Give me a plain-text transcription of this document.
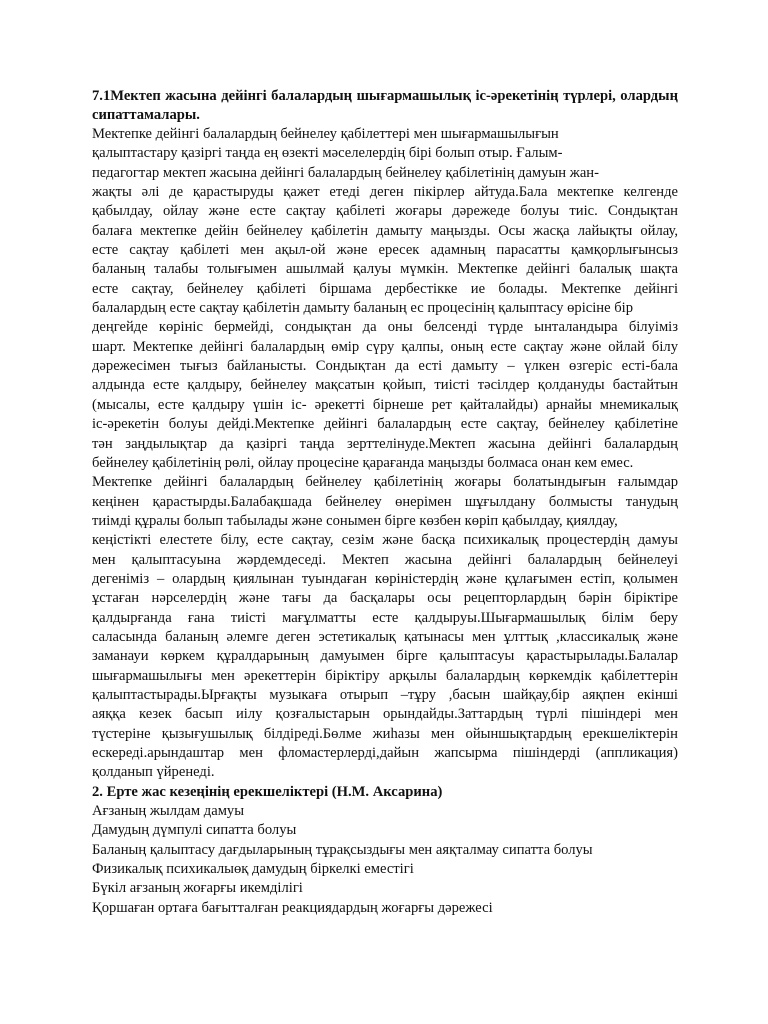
7.1Мектеп жасына дейінгі балалардың шығармашылық іс-әрекетінің түрлері, олардың сипаттамалары.

Мектепке дейінгі балалардың бейнелеу қабілеттері мен шығармашылығын
қалыптастару қазіргі таңда ең өзекті мәселелердің бірі болып отыр. Ғалым-
педагогтар мектеп жасына дейінгі балалардың бейнелеу қабілетінің дамуын жан-
жақты әлі де қарастыруды қажет етеді деген пікірлер айтуда.Бала мектепке келгенде
қабылдау, ойлау және есте сақтау қабілеті жоғары дәрежеде болуы тиіс. Сондықтан
балаға мектепке дейін бейнелеу қабілетін дамыту маңызды. Осы жасқа лайықты ойлау,
есте сақтау қабілеті мен ақыл-ой және ересек адамның парасатты қамқорлығынсыз
баланың талабы толығымен ашылмай қалуы мүмкін. Мектепке дейінгі балалық шақта
есте сақтау, бейнелеу қабілеті біршама дербестікке ие болады. Мектепке дейінгі
балалардың есте сақтау қабілетін дамыту баланың ес процесінің қалыптасу өрісіне бір
деңгейде көрініс бермейді, сондықтан да оны белсенді түрде ынталандыра білуіміз
шарт. Мектепке дейінгі балалардың өмір сүру қалпы, оның есте сақтау және ойлай білу
дәрежесімен тығыз байланысты. Сондықтан да есті дамыту – үлкен өзгеріс есті-бала
алдында есте қалдыру, бейнелеу мақсатын қойып, тиісті тәсілдер қолдануды бастайтын
(мысалы, есте қалдыру үшін іс- әрекетті бірнеше рет қайталайды) арнайы мнемикалық
іс-әрекетін болуы дейді.Мектепке дейінгі балалардың есте сақтау, бейнелеу қабілетіне
тән заңдылықтар да қазіргі таңда зерттелінуде.Мектеп жасына дейінгі балалардың
бейнелеу қабілетінің рөлі, ойлау процесіне қарағанда маңызды болмаса онан кем емес.
Мектепке дейінгі балалардың бейнелеу қабілетінің жоғары болатындығын ғалымдар
кеңінен қарастырды.Балабақшада бейнелеу өнерімен шұғылдану болмысты танудың
тиімді құралы болып табылады және сонымен бірге көзбен көріп қабылдау, қиялдау,
кеңістікті елестете білу, есте сақтау, сезім және басқа психикалық процестердің дамуы
мен қалыптасуына жәрдемдеседі. Мектеп жасына дейінгі балалардың бейнелеуі
дегеніміз – олардың қиялынан туындаған көріністердің және құлағымен естіп, қолымен
ұстаған нәрселердің және тағы да басқалары осы рецепторлардың бәрін біріктіре
қалдырғанда ғана тиісті мағұлматты есте қалдыруы.Шығармашылық білім беру
саласында баланың әлемге деген эстетикалық қатынасы мен ұлттық ,классикалық және
заманауи көркем құралдарының дамуымен бірге қалыптасуы қарастырылады.Балалар
шығармашылығы мен әрекеттерін біріктіру арқылы балалардың көркемдік қабілеттерін
қалыптастырады.Ырғақты музыкаға отырып –тұру ,басын шайқау,бір аяқпен екінші
аяққа кезек басып иілу қозғалыстарын орындайды.Заттардың түрлі пішіндері мен
түстеріне қызығушылық білдіреді.Бөлме жиһазы мен ойыншықтардың ерекшеліктерін
ескереді.арындаштар мен фломастерлерді,дайын жапсырма пішіндерді (аппликация)
қолданып үйренеді.
2. Ерте жас кезеңінің ерекшеліктері (Н.М. Аксарина)
Ағзаның жылдам дамуы
Дамудың дүмпулі сипатта болуы
Баланың қалыптасу дағдыларының тұрақсыздығы мен аяқталмау сипатта болуы
Физикалық психикалыөқ дамудың біркелкі еместігі
Бүкіл ағзаның жоғарғы икемділігі
Қоршаған ортаға бағытталған реакциядардың жоғарғы дәрежесі
